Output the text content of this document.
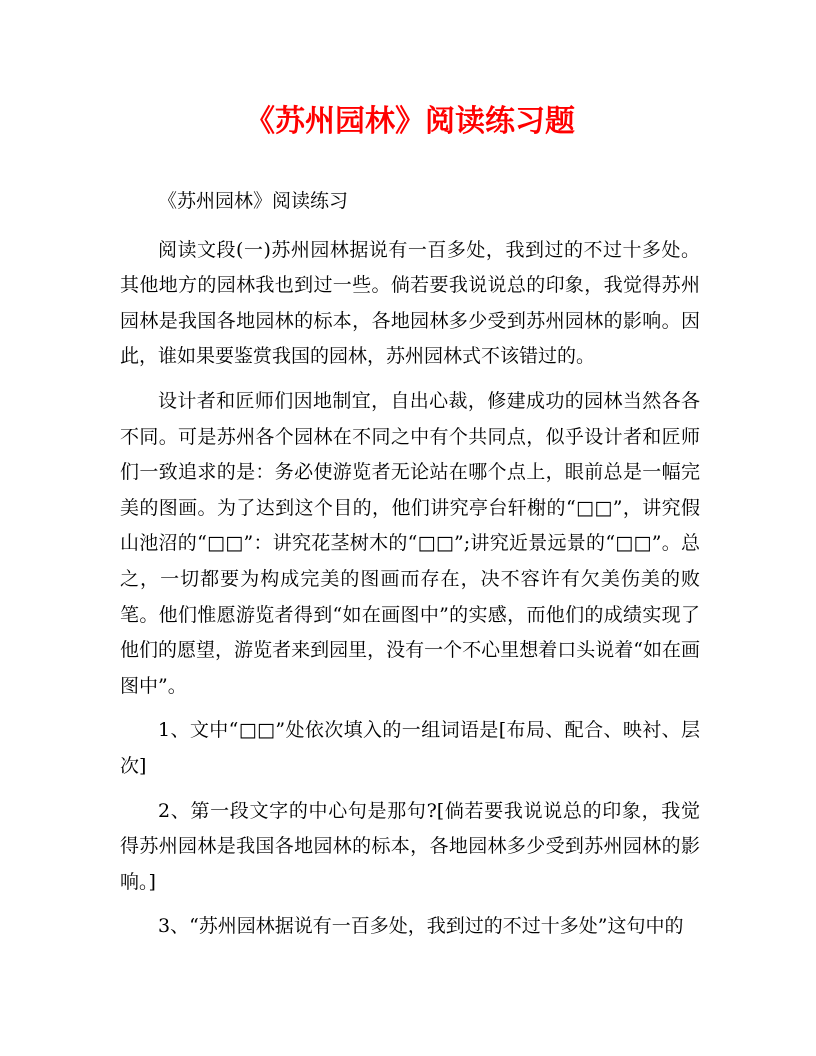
《苏州园林》阅读练习题

《苏州园林》阅读练习

阅读文段(一)苏州园林据说有一百多处，我到过的不过十多处。其他地方的园林我也到过一些。倘若要我说说总的印象，我觉得苏州园林是我国各地园林的标本，各地园林多少受到苏州园林的影响。因此，谁如果要鉴赏我国的园林，苏州园林式不该错过的。

设计者和匠师们因地制宜，自出心裁，修建成功的园林当然各各不同。可是苏州各个园林在不同之中有个共同点，似乎设计者和匠师们一致追求的是：务必使游览者无论站在哪个点上，眼前总是一幅完美的图画。为了达到这个目的，他们讲究亭台轩榭的“□□”，讲究假山池沼的“□□”：讲究花茎树木的“□□”;讲究近景远景的“□□”。总之，一切都要为构成完美的图画而存在，决不容许有欠美伤美的败笔。他们惟愿游览者得到“如在画图中”的实感，而他们的成绩实现了他们的愿望，游览者来到园里，没有一个不心里想着口头说着“如在画图中”。

1、文中“□□”处依次填入的一组词语是[布局、配合、映衬、层次]

2、第一段文字的中心句是那句?[倘若要我说说总的印象，我觉得苏州园林是我国各地园林的标本，各地园林多少受到苏州园林的影响。]

3、“苏州园林据说有一百多处，我到过的不过十多处”这句中的
